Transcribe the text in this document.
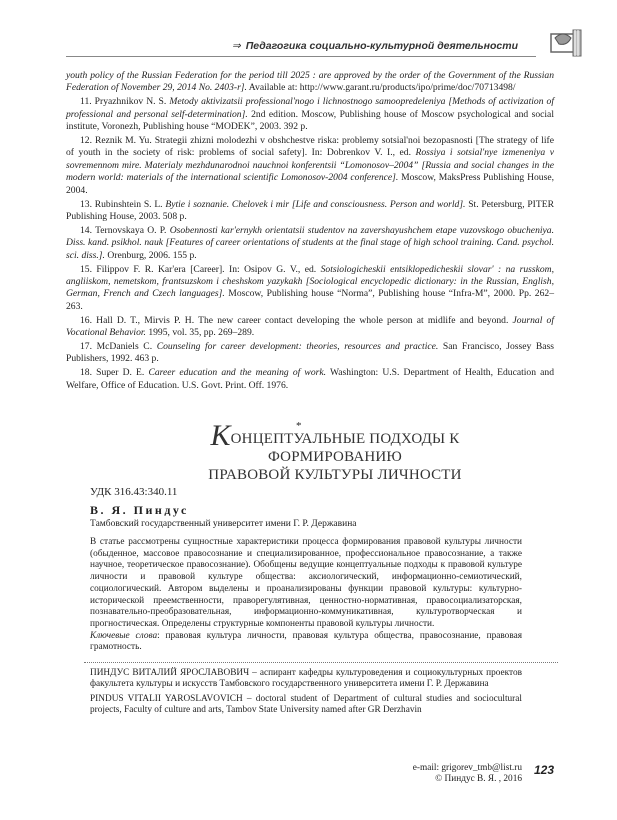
⇒ Педагогика социально-культурной деятельности

youth policy of the Russian Federation for the period till 2025 : are approved by the order of the Government of the Russian Federation of November 29, 2014 No. 2403-r]. Available at: http://www.garant.ru/products/ipo/prime/doc/70713498/

11. Pryazhnikov N. S. Metody aktivizatsii professional'nogo i lichnostnogo samoopredeleniya [Methods of activization of professional and personal self-determination]. 2nd edition. Moscow, Publishing house of Moscow psychological and social institute, Voronezh, Publishing house “MODEK”, 2003. 392 p.

12. Reznik M. Yu. Strategii zhizni molodezhi v obshchestve riska: problemy sotsial'noi bezopasnosti [The strategy of life of youth in the society of risk: problems of social safety]. In: Dobrenkov V. I., ed. Rossiya i sotsial'nye izmeneniya v sovremennom mire. Materialy mezhdunarodnoi nauchnoi konferentsii “Lomonosov–2004” [Russia and social changes in the modern world: materials of the international scientific Lomonosov-2004 conference]. Moscow, MaksPress Publishing House, 2004.

13. Rubinshtein S. L. Bytie i soznanie. Chelovek i mir [Life and consciousness. Person and world]. St. Petersburg, PITER Publishing House, 2003. 508 p.

14. Ternovskaya O. P. Osobennosti kar'ernykh orientatsii studentov na zavershayushchem etape vuzovskogo obucheniya. Diss. kand. psikhol. nauk [Features of career orientations of students at the final stage of high school training. Cand. psychol. sci. diss.]. Orenburg, 2006. 155 p.

15. Filippov F. R. Kar'era [Career]. In: Osipov G. V., ed. Sotsiologicheskii entsiklopedicheskii slovar' : na russkom, angliiskom, nemetskom, frantsuzskom i cheshskom yazykakh [Sociological encyclopedic dictionary: in the Russian, English, German, French and Czech languages]. Moscow, Publishing house “Norma”, Publishing house “Infra-M”, 2000. Pp. 262–263.

16. Hall D. T., Mirvis P. H. The new career contact developing the whole person at midlife and beyond. Journal of Vocational Behavior. 1995, vol. 35, pp. 269–289.

17. McDaniels C. Counseling for career development: theories, resources and practice. San Francisco, Jossey Bass Publishers, 1992. 463 p.

18. Super D. E. Career education and the meaning of work. Washington: U.S. Department of Health, Education and Welfare, Office of Education. U.S. Govt. Print. Off. 1976.

КОНЦЕПТУАЛЬНЫЕ ПОДХОДЫ К ФОРМИРОВАНИЮ
ПРАВОВОЙ КУЛЬТУРЫ ЛИЧНОСТИ
*
УДК 316.43:340.11
В. Я. Пиндус
Тамбовский государственный университет имени Г. Р. Державина

В статье рассмотрены сущностные характеристики процесса формирования правовой культуры личности (обыденное, массовое правосознание и специализированное, профессиональное правосознание, а также научное, теоретическое правосознание). Обобщены ведущие концептуальные подходы к правовой культуре личности и правовой культуре общества: аксиологический, информационно-семиотический, социологический. Автором выделены и проанализированы функции правовой культуры: культурно-исторической преемственности, праворегулятивная, ценностно-нормативная, правосоциализаторская, познавательно-преобразовательная, информационно-коммуникативная, культуротворческая и прогностическая. Определены структурные компоненты правовой культуры личности.

Ключевые слова: правовая культура личности, правовая культура общества, правосознание, правовая грамотность.

ПИНДУС ВИТАЛИЙ ЯРОСЛАВОВИЧ – аспирант кафедры культуроведения и социокультурных проектов факультета культуры и искусств Тамбовского государственного университета имени Г. Р. Державина

PINDUS VITALII YAROSLAVOVICH – doctoral student of Department of cultural studies and sociocultural projects, Faculty of culture and arts, Tambov State University named after GR Derzhavin

e-mail: grigorev_tmb@list.ru
© Пиндус В. Я. , 2016
123
